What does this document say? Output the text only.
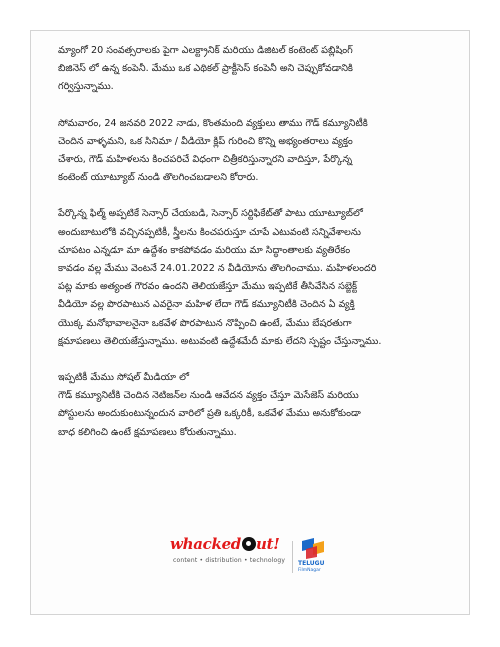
మ్యాంగో 20 సంవత్సరాలకు పైగా ఎలక్ట్రానిక్ మరియు డిజిటల్ కంటెంట్ పబ్లిషింగ్
బిజినెస్ లో ఉన్న కంపెనీ. మేము ఒక ఎథికల్ ప్రాక్టీసెస్ కంపెనీ అని చెప్పుకోవడానికి
గర్విస్తున్నాము.

సోమవారం, 24 జనవరి 2022 నాడు, కొంతమంది వ్యక్తులు తాము గౌడ్ కమ్యూనిటీకి
చెందిన వాళ్ళమని, ఒక సినిమా / వీడియో క్లిప్ గురించి కొన్ని అభ్యంతరాలు వ్యక్తం
చేశారు, గౌడ్ మహిళలను కించపరిచే విధంగా చిత్రీకరిస్తున్నారని వాదిస్తూ, పేర్కొన్న
కంటెంట్ యూట్యూబ్ నుండి తొలగించబడాలని కోరారు.

పేర్కొన్న ఫిల్మ్ అప్పటికే సెన్సార్ చేయబడి, సెన్సార్ సర్టిఫికేట్‌తో పాటు యూట్యూబ్‌లో
అందుబాటులోకి వచ్చినప్పటికీ, స్త్రీలను కించపరుస్తూ చూపే ఎటువంటి సన్నివేశాలను
చూపటం ఎన్నడూ మా ఉద్దేశం కాకపోవడం మరియు మా సిద్ధాంతాలకు వ్యతిరేకం
కావడం వల్ల మేము వెంటనే 24.01.2022 న వీడియోను తొలగించాము. మహిళలందరి
పట్ల మాకు అత్యంత గౌరవం ఉందని తెలియజేస్తూ మేము ఇప్పటికే తీసివేసిన సబ్జెక్ట్
వీడియో వల్ల పొరపాటున ఎవరైనా మహిళ లేదా గౌడ్ కమ్యూనిటీకి చెందిన ఏ వ్యక్తి
యొక్క మనోభావాలనైనా ఒకవేళ పొరపాటున నొప్పించి ఉంటే, మేము బేషరతుగా
క్షమాపణలు తెలియజేస్తున్నాము. అటువంటి ఉద్దేశమేదీ మాకు లేదని స్పష్టం చేస్తున్నాము.

ఇప్పటికీ మేము సోషల్ మీడియా లో
గౌడ్ కమ్యూనిటీకి చెందిన నెటిజన్‌ల నుండి ఆవేదన వ్యక్తం చేస్తూ మెసేజెస్ మరియు
పోస్టులను అందుకుంటున్నందున వారిలో ప్రతి ఒక్కరికీ, ఒకవేళ మేము అనుకోకుండా
బాధ కలిగించి ఉంటే క్షమాపణలు కోరుతున్నాము.

whacked ut!
content • distribution • technology TELUGU
FilmNagar
